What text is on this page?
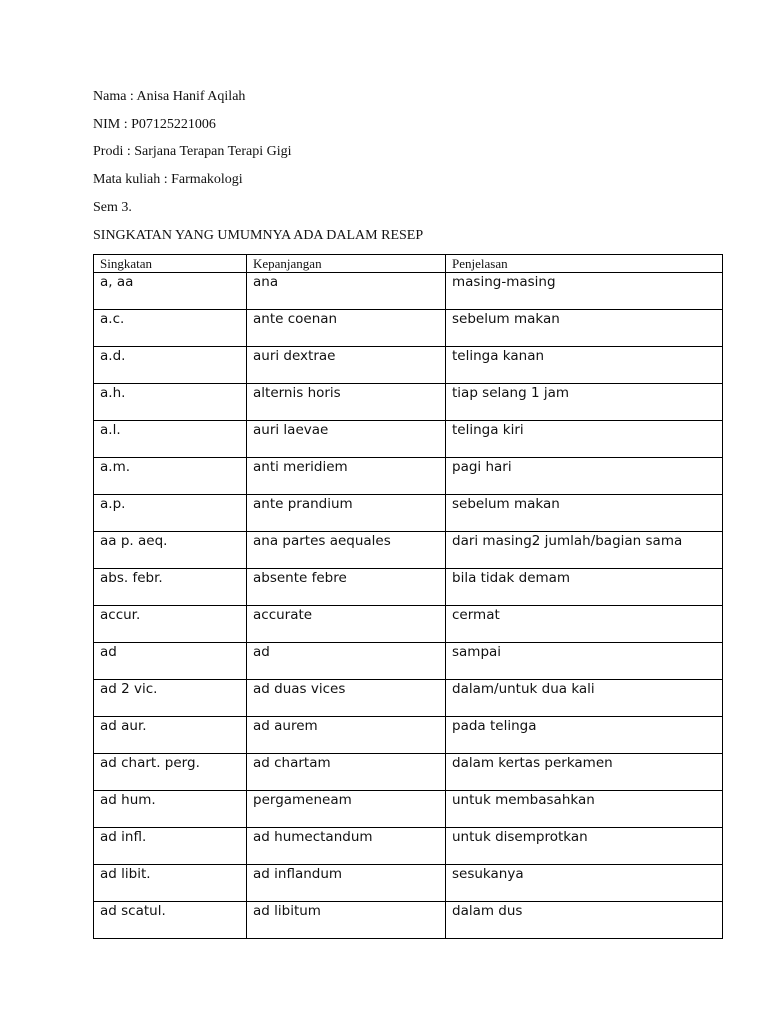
Nama : Anisa Hanif Aqilah
NIM : P07125221006
Prodi : Sarjana Terapan Terapi Gigi
Mata kuliah : Farmakologi
Sem 3.
SINGKATAN YANG UMUMNYA ADA DALAM RESEP
Singkatan	Kepanjangan	Penjelasan
a, aa	ana	masing-masing
a.c.	ante coenan	sebelum makan
a.d.	auri dextrae	telinga kanan
a.h.	alternis horis	tiap selang 1 jam
a.l.	auri laevae	telinga kiri
a.m.	anti meridiem	pagi hari
a.p.	ante prandium	sebelum makan
aa p. aeq.	ana partes aequales	dari masing2 jumlah/bagian sama
abs. febr.	absente febre	bila tidak demam
accur.	accurate	cermat
ad	ad	sampai
ad 2 vic.	ad duas vices	dalam/untuk dua kali
ad aur.	ad aurem	pada telinga
ad chart. perg.	ad chartam	dalam kertas perkamen
ad hum.	pergameneam	untuk membasahkan
ad infl.	ad humectandum	untuk disemprotkan
ad libit.	ad inflandum	sesukanya
ad scatul.	ad libitum	dalam dus
